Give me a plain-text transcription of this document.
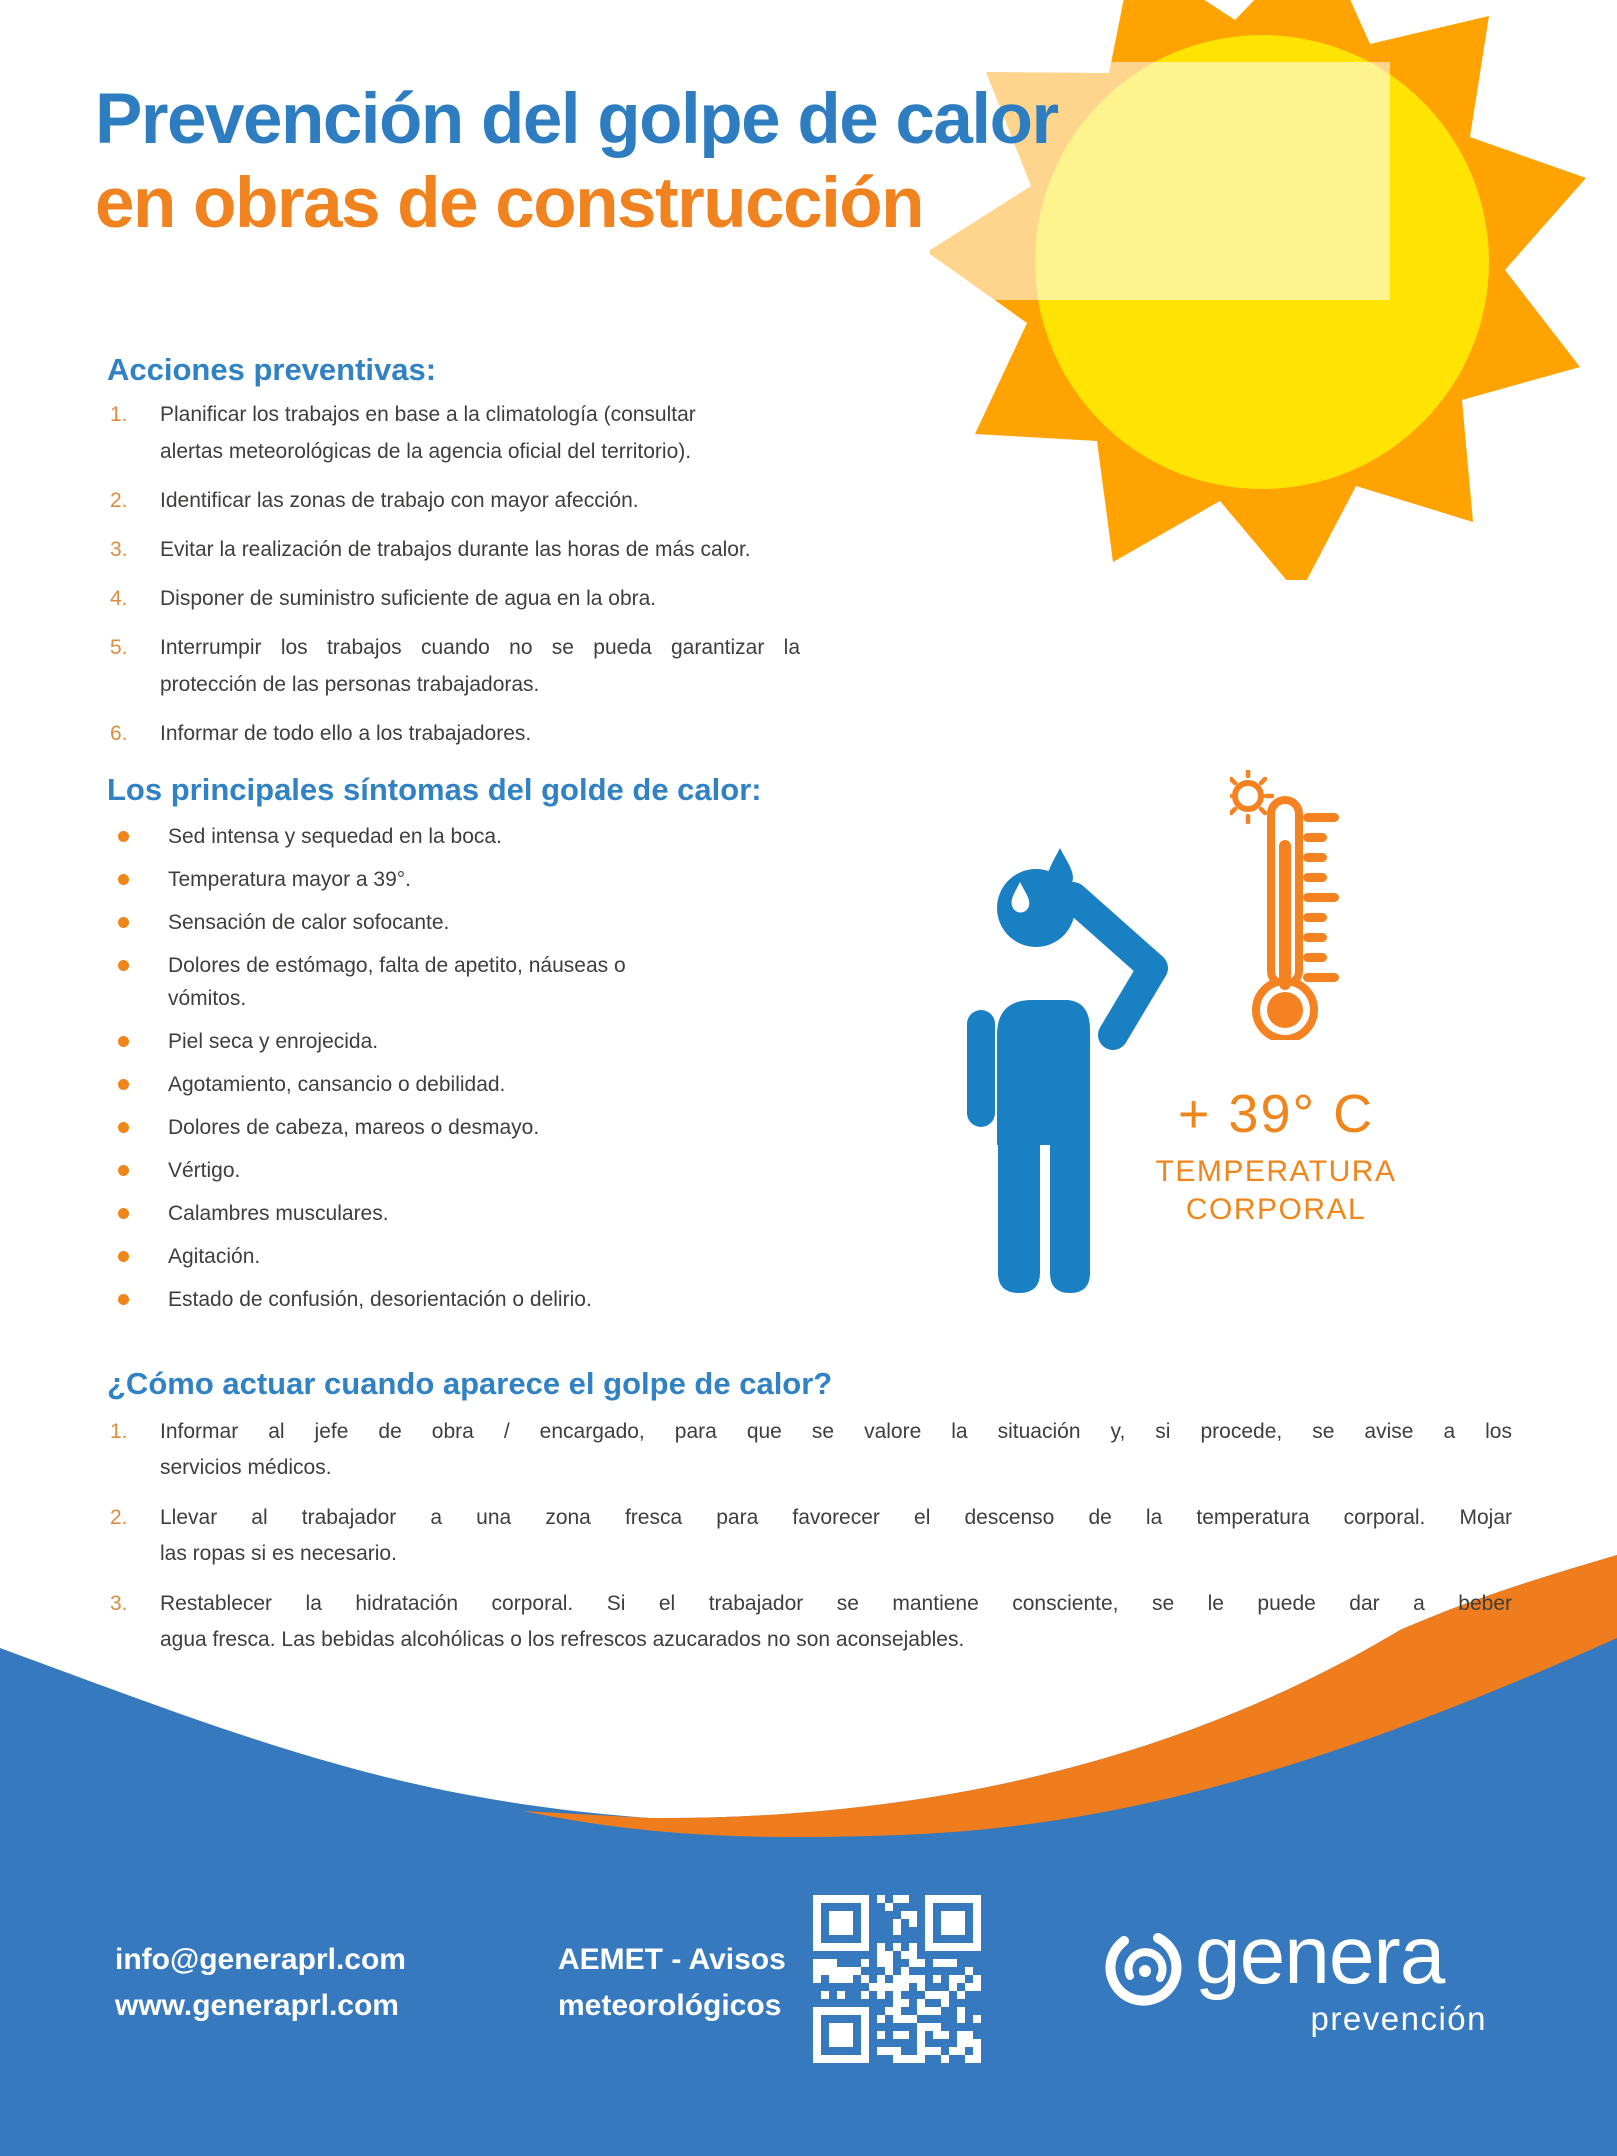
Prevención del golpe de calor
en obras de construcción
Acciones preventivas:
1.	Planificar los trabajos en base a la climatología (consultar
alertas meteorológicas de la agencia oficial del territorio).
2.	Identificar las zonas de trabajo con mayor afección.
3.	Evitar la realización de trabajos durante las horas de más calor.
4.	Disponer de suministro suficiente de agua en la obra.
5.	Interrumpir los trabajos cuando no se pueda garantizar la
protección de las personas trabajadoras.
6.	Informar de todo ello a los trabajadores.
Los principales síntomas del golde de calor:
Sed intensa y sequedad en la boca.
Temperatura mayor a 39°.
Sensación de calor sofocante.
Dolores de estómago, falta de apetito, náuseas o
vómitos.
Piel seca y enrojecida.
Agotamiento, cansancio o debilidad.
Dolores de cabeza, mareos o desmayo.
Vértigo.
Calambres musculares.
Agitación.
Estado de confusión, desorientación o delirio.
¿Cómo actuar cuando aparece el golpe de calor?
1.	Informar al jefe de obra / encargado, para que se valore la situación y, si procede, se avise a los
servicios médicos.
2.	Llevar al trabajador a una zona fresca para favorecer el descenso de la temperatura corporal. Mojar
las ropas si es necesario.
3.	Restablecer la hidratación corporal. Si el trabajador se mantiene consciente, se le puede dar a beber
agua fresca. Las bebidas alcohólicas o los refrescos azucarados no son aconsejables.
+ 39° C
TEMPERATURA
CORPORAL
info@generaprl.com
www.generaprl.com
AEMET - Avisos
meteorológicos
genera
prevención
